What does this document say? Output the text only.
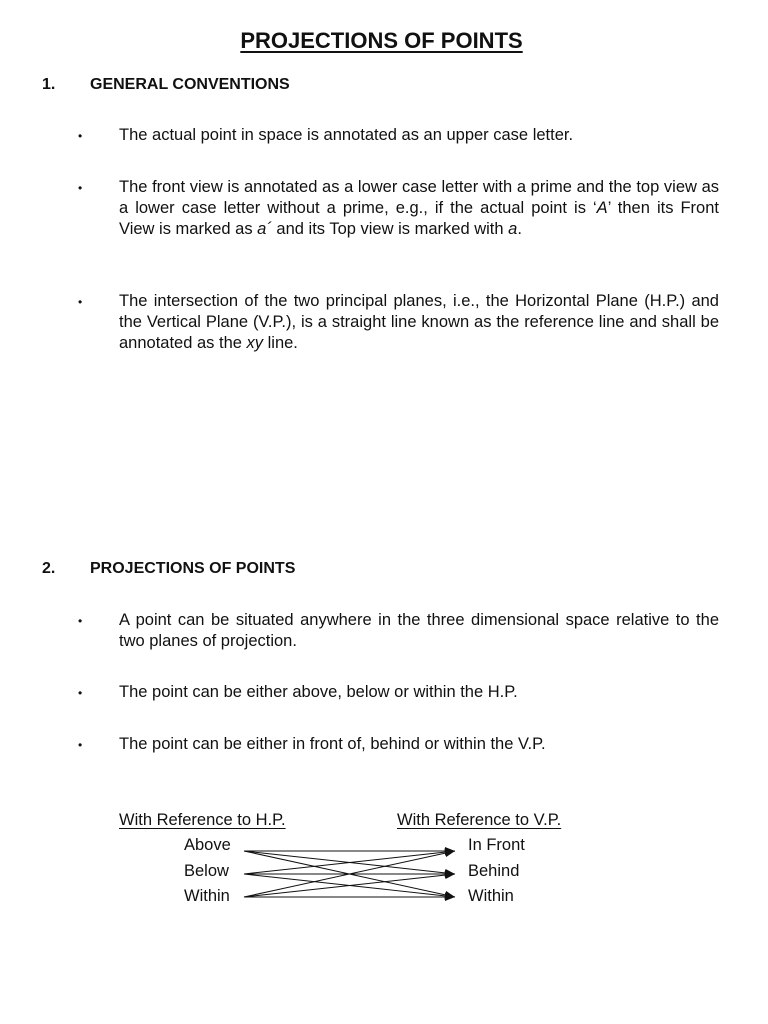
PROJECTIONS OF POINTS
1. GENERAL CONVENTIONS
• The actual point in space is annotated as an upper case letter.
• The front view is annotated as a lower case letter with a prime and the top view as a lower case letter without a prime, e.g., if the actual point is ‘A’ then its Front View is marked as a´ and its Top view is marked with a.
• The intersection of the two principal planes, i.e., the Horizontal Plane (H.P.) and the Vertical Plane (V.P.), is a straight line known as the reference line and shall be annotated as the xy line.
2. PROJECTIONS OF POINTS
• A point can be situated anywhere in the three dimensional space relative to the two planes of projection.
• The point can be either above, below or within the H.P.
• The point can be either in front of, behind or within the V.P.
With Reference to H.P.	With Reference to V.P.
Above
Below
Within
In Front
Behind
Within
